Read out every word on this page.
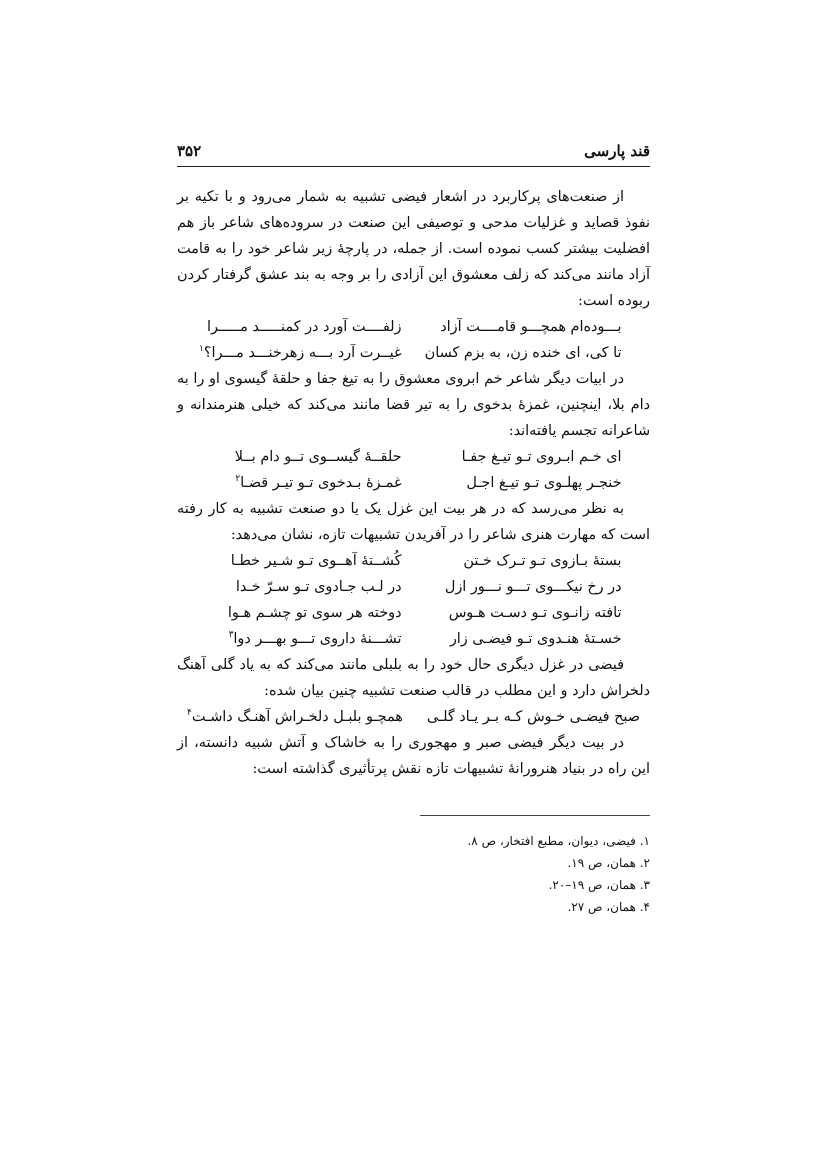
قند پارسی
۳۵۲

از صنعت‌های پرکاربرد در اشعار فیضی تشبیه به شمار می‌رود و با تکیه بر نفوذ قصاید و غزلیات مدحی و توصیفی این صنعت در سروده‌های شاعر باز هم افضلیت بیشتر کسب نموده است. از جمله، در پارچهٔ زیر شاعر خود را به قامت آزاد مانند می‌کند که زلف معشوق این آزادی را بر وجه به بند عشق گرفتار کردن ربوده است:

بـــودەام همچـــو قامــــت آزاد
زلفــــت آورد در کمنـــــد مـــــرا

تا کی، ای خنده زن، به بزم کسان
غیــرت آرد بـــه زهرخنـــد مـــرا؟$^۱$

در ابیات دیگر شاعر خم ابروی معشوق را به تیغ جفا و حلقهٔ گیسوی او را به دام بلا، اینچنین، غمزهٔ بدخوی را به تیر قضا مانند می‌کند که خیلی هنرمندانه و شاعرانه تجسم یافته‌اند:

ای خـم ابـروی تـو تیـغ جفـا
حلقــهٔ گیســوی تــو دام بــلا

خنجـر پهلـوی تـو تیـغ اجـل
غمـزهٔ بـدخوی تـو تیـر قضـا$^۲$

به نظر می‌رسد که در هر بیت این غزل یک یا دو صنعت تشبیه به کار رفته است که مهارت هنری شاعر را در آفریدن تشبیهات تازه، نشان می‌دهد:

بستهٔ بـازوی تـو تـرک خـتن
کُشــتهٔ آهــوی تـو شـیر خطـا

در رخ نیکـــوی تـــو نـــور ازل
در لـب جـادوی تـو سـرّ خـدا

تافته زانـوی تـو دسـت هـوس
دوخته هر سوی تو چشـم هـوا

خسـتهٔ هنـدوی تـو فیضـی زار
تشـــنهٔ داروی تـــو بهـــر دوا$^۳$

فیضی در غزل دیگری حال خود را به بلبلی مانند می‌کند که به یاد گلی آهنگ دلخراش دارد و این مطلب در قالب صنعت تشبیه چنین بیان شده:

صبح فیضـی خـوش کـه بـر یـاد گلـی
همچـو بلبـل دلخـراش آهنـگ داشـت$^۴$

در بیت دیگر فیضی صبر و مهجوری را به خاشاک و آتش شبیه دانسته، از این راه در بنیاد هنرورانهٔ تشبیهات تازه نقش پرتأثیری گذاشته است:

۱. فیضی، دیوان، مطبع افتخار، ص ۸.
۲. همان، ص ۱۹.
۳. همان، ص ۱۹–۲۰.
۴. همان، ص ۲۷.
